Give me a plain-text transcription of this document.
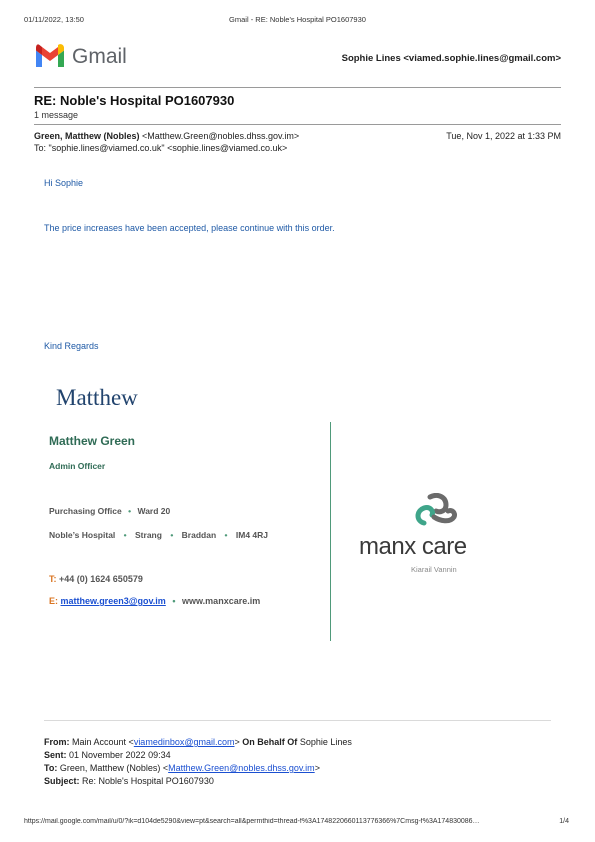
01/11/2022, 13:50	Gmail - RE: Noble's Hospital PO1607930
Gmail	Sophie Lines <viamed.sophie.lines@gmail.com>
RE: Noble's Hospital PO1607930
1 message
Green, Matthew (Nobles) <Matthew.Green@nobles.dhss.gov.im>	Tue, Nov 1, 2022 at 1:33 PM
To: "sophie.lines@viamed.co.uk" <sophie.lines@viamed.co.uk>
Hi Sophie
The price increases have been accepted, please continue with this order.
Kind Regards
Matthew
Matthew Green
Admin Officer
Purchasing Office • Ward 20
Noble’s Hospital • Strang • Braddan • IM4 4RJ
T: +44 (0) 1624 650579
E: matthew.green3@gov.im • www.manxcare.im
manx care
Kiarail Vannin
From: Main Account <viamedinbox@gmail.com> On Behalf Of Sophie Lines
Sent: 01 November 2022 09:34
To: Green, Matthew (Nobles) <Matthew.Green@nobles.dhss.gov.im>
Subject: Re: Noble's Hospital PO1607930
https://mail.google.com/mail/u/0/?ik=d104de5290&view=pt&search=all&permthid=thread-f%3A1748220660113776366%7Cmsg-f%3A174830086…	1/4
